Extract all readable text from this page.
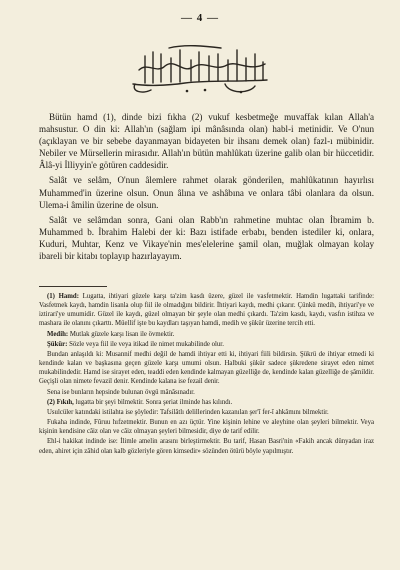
— 4 —

Bütün hamd (1), dinde bizi fıkha (2) vukuf kesbetmeğe muvaffak kılan Allah'a mahsustur. O din ki: Allah'ın (sağlam ipi mânâsında olan) habl-i metinidir. Ve O'nun (açıklayan ve bir sebebe dayanmayan bidayeten bir ihsanı demek olan) fazl-ı mübinidir. Nebiler ve Mürsellerin mirasıdır. Allah'ın bütün mahlûkatı üzerine galib olan bir hüccetidir. Âlâ-yi İlliyyin'e götüren caddesidir.

Salât ve selâm, O'nun âlemlere rahmet olarak gönderilen, mahlûkatının hayırlısı Muhammed'in üzerine olsun. Onun âlına ve ashâbına ve onlara tâbi olanlara da olsun. Ulema-i âmilin üzerine de olsun.

Salât ve selâmdan sonra, Gani olan Rabb'ın rahmetine muhtac olan İbramim b. Muhammed b. İbrahim Halebi der ki: Bazı istifade erbabı, benden istediler ki, onlara, Kuduri, Muhtar, Kenz ve Vikaye'nin mes'elelerine şamil olan, muğlak olmayan kolay ibareli bir kitabı toplayıp hazırlayayım.

(1) Hamd: Lugatta, ihtiyari güzele karşı ta'zim kasdı üzere, güzel ile vasfetmektir. Hamdin lugattaki tarifinde: Vasfetmek kaydı, hamdin lisanla olup fiil ile olmadığını bildirir. İhtiyari kaydı, medhi çıkarır. Çünkü medih, ihtiyari'ye ve iztirari'ye umumidir. Güzel ile kaydı, güzel olmayan bir şeyle olan medhi çıkardı. Ta'zim kasdı, kaydı, vasfın istihza ve mashara ile olanını çıkarttı. Müellif işte bu kaydları taşıyan hamdi, medih ve şükür üzerine tercih etti.

Medih: Mutlak güzele karşı lisan ile övmektir.

Şükür: Sözle veya fiil ile veya itikad ile nimet mukabilinde olur.

Bundan anlaşıldı ki: Musannif medhi değil de hamdi ihtiyar etti ki, ihtiyari fiili bildirsin. Şükrü de ihtiyar etmedi ki kendinde kalan ve başkasına geçen güzele karşı umumi olsun. Halbuki şükür sadece şükredene sirayet eden nimet mukabilindedir. Hamd ise sirayet eden, teaddi eden kendinde kalmayan güzelliğe de, kendinde kalan güzelliğe de şâmildir. Geçişli olan nimete fevazil denir. Kendinde kalana ise fezail denir.

Sena ise bunların hepsinde bulunan övgü mânâsınadır.

(2) Fıkıh, lugatta bir şeyi bilmektir. Sonra şeriat ilminde has kılındı.

Usulcüler katındaki istilahta ise şöyledir: Tafsilâtlı delillerinden kazanılan şer'î fer-î ahkâmını bilmektir.

Fukaha indinde, Fûruu hıfzetmektir. Bunun en azı üçtür. Yine kişinin lehine ve aleyhine olan şeyleri bilmektir. Veya kişinin kendisine câiz olan ve câiz olmayan şeyleri bilmesidir, diye de tarif edilir.

Ehl-i hakikat indinde ise: İlimle amelin arasını birleştirmektir. Bu tarif, Hasan Basri'nin «Fakih ancak dünyadan iraz eden, ahiret için zâhid olan kalb gözleriyle gören kimsedir» sözünden ötürü böyle yapılmıştır.
